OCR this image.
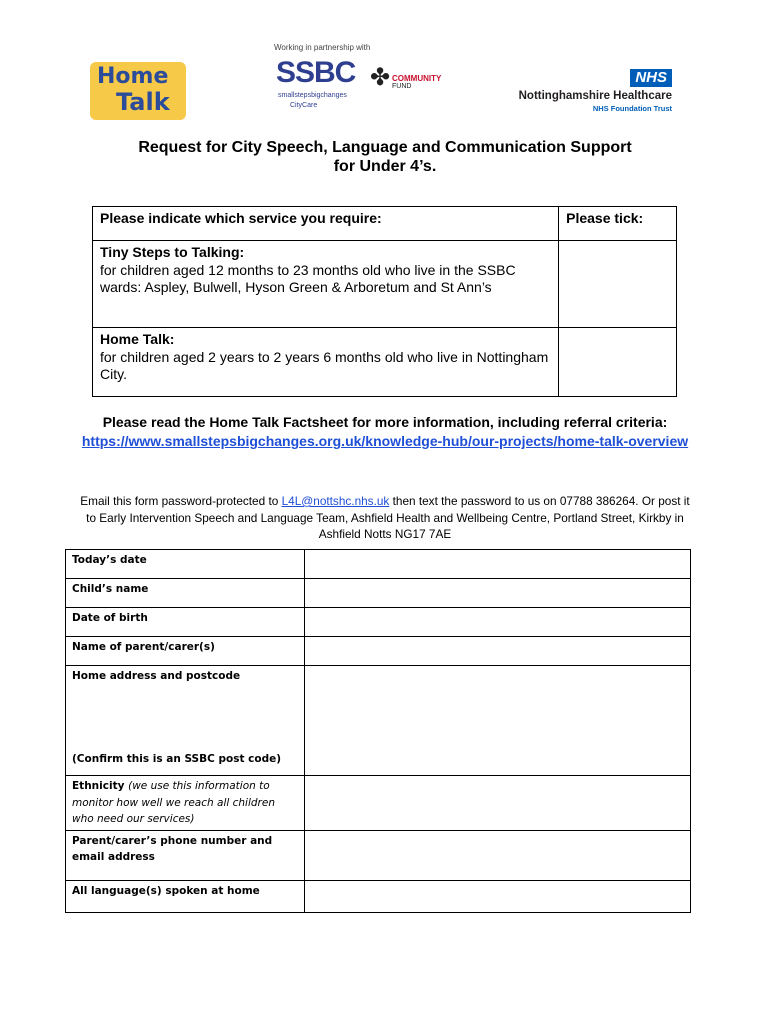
Home
Talk
Working in partnership with
SSBC
smallstepsbigchanges
CityCare
✤ COMMUNITY
FUND
NHS
Nottinghamshire Healthcare
NHS Foundation Trust
Request for City Speech, Language and Communication Support
for Under 4’s.
Please indicate which service you require:	Please tick:

Tiny Steps to Talking:
for children aged 12 months to 23 months old who live in the SSBC wards: Aspley, Bulwell, Hyson Green & Arboretum and St Ann’s	

Home Talk:
for children aged 2 years to 2 years 6 months old who live in Nottingham City.	

Please read the Home Talk Factsheet for more information, including referral criteria: https://www.smallstepsbigchanges.org.uk/knowledge-hub/our-projects/home-talk-overview
Email this form password-protected to L4L@nottshc.nhs.uk then text the password to us on 07788 386264. Or post it to Early Intervention Speech and Language Team, Ashfield Health and Wellbeing Centre, Portland Street, Kirkby in Ashfield Notts NG17 7AE
Today’s date	
Child’s name	
Date of birth	
Name of parent/carer(s)	

Home address and postcode
(Confirm this is an SSBC post code)	

Ethnicity (we use this information to monitor how well we reach all children who need our services)	
Parent/carer’s phone number and email address	
All language(s) spoken at home	
